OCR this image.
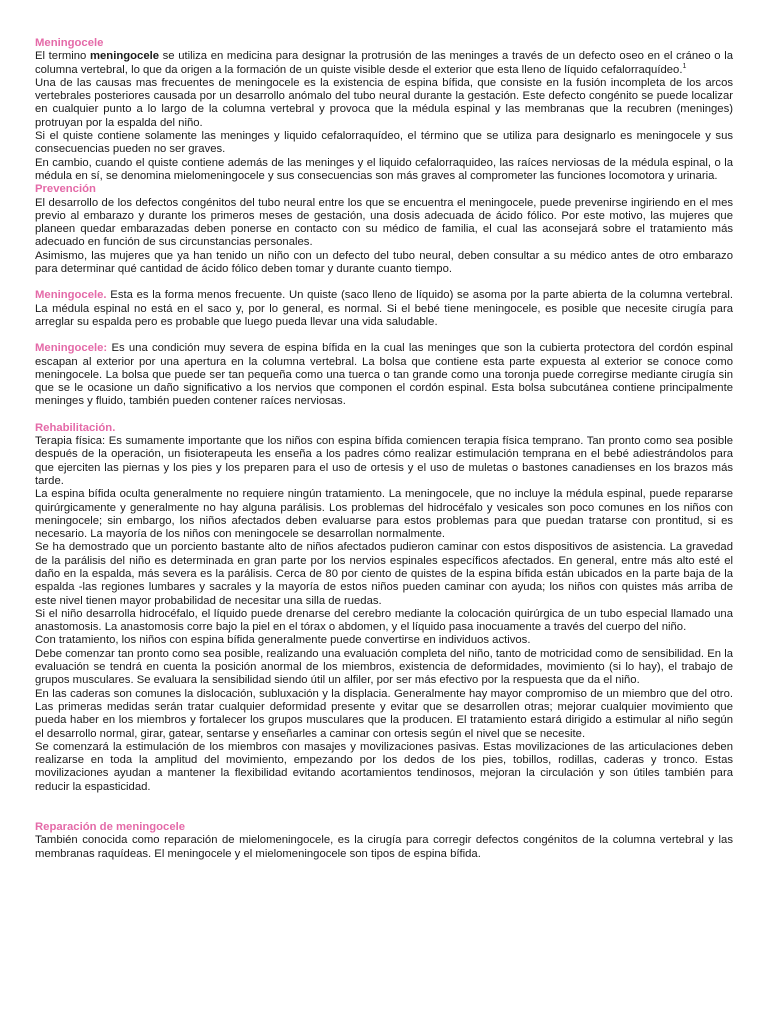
Meningocele

El termino meningocele se utiliza en medicina para designar la protrusión de las meninges a través de un defecto oseo en el cráneo o la columna vertebral, lo que da origen a la formación de un quiste visible desde el exterior que esta lleno de líquido cefalorraquídeo.$^1$

Una de las causas mas frecuentes de meningocele es la existencia de espina bífida, que consiste en la fusión incompleta de los arcos vertebrales posteriores causada por un desarrollo anómalo del tubo neural durante la gestación. Este defecto congénito se puede localizar en cualquier punto a lo largo de la columna vertebral y provoca que la médula espinal y las membranas que la recubren (meninges) protruyan por la espalda del niño.

Si el quiste contiene solamente las meninges y liquido cefalorraquídeo, el término que se utiliza para designarlo es meningocele y sus consecuencias pueden no ser graves.

En cambio, cuando el quiste contiene además de las meninges y el liquido cefalorraquideo, las raíces nerviosas de la médula espinal, o la médula en sí, se denomina mielomeningocele y sus consecuencias son más graves al comprometer las funciones locomotora y urinaria.

Prevención

El desarrollo de los defectos congénitos del tubo neural entre los que se encuentra el meningocele, puede prevenirse ingiriendo en el mes previo al embarazo y durante los primeros meses de gestación, una dosis adecuada de ácido fólico. Por este motivo, las mujeres que planeen quedar embarazadas deben ponerse en contacto con su médico de familia, el cual las aconsejará sobre el tratamiento más adecuado en función de sus circunstancias personales.

Asimismo, las mujeres que ya han tenido un niño con un defecto del tubo neural, deben consultar a su médico antes de otro embarazo para determinar qué cantidad de ácido fólico deben tomar y durante cuanto tiempo.

Meningocele. Esta es la forma menos frecuente. Un quiste (saco lleno de líquido) se asoma por la parte abierta de la columna vertebral. La médula espinal no está en el saco y, por lo general, es normal. Si el bebé tiene meningocele, es posible que necesite cirugía para arreglar su espalda pero es probable que luego pueda llevar una vida saludable.

Meningocele: Es una condición muy severa de espina bífida en la cual las meninges que son la cubierta protectora del cordón espinal escapan al exterior por una apertura en la columna vertebral. La bolsa que contiene esta parte expuesta al exterior se conoce como meningocele. La bolsa que puede ser tan pequeña como una tuerca o tan grande como una toronja puede corregirse mediante cirugía sin que se le ocasione un daño significativo a los nervios que componen el cordón espinal. Esta bolsa subcutánea contiene principalmente meninges y fluido, también pueden contener raíces nerviosas.

Rehabilitación.

Terapia física: Es sumamente importante que los niños con espina bífida comiencen terapia física temprano. Tan pronto como sea posible después de la operación, un fisioterapeuta les enseña a los padres cómo realizar estimulación temprana en el bebé adiestrándolos para que ejerciten las piernas y los pies y los preparen para el uso de ortesis y el uso de muletas o bastones canadienses en los brazos más tarde.

La espina bífida oculta generalmente no requiere ningún tratamiento. La meningocele, que no incluye la médula espinal, puede repararse quirúrgicamente y generalmente no hay alguna parálisis. Los problemas del hidrocéfalo y vesicales son poco comunes en los niños con meningocele; sin embargo, los niños afectados deben evaluarse para estos problemas para que puedan tratarse con prontitud, si es necesario. La mayoría de los niños con meningocele se desarrollan normalmente.

Se ha demostrado que un porciento bastante alto de niños afectados pudieron caminar con estos dispositivos de asistencia. La gravedad de la parálisis del niño es determinada en gran parte por los nervios espinales específicos afectados. En general, entre más alto esté el daño en la espalda, más severa es la parálisis. Cerca de 80 por ciento de quistes de la espina bífida están ubicados en la parte baja de la espalda -las regiones lumbares y sacrales y la mayoría de estos niños pueden caminar con ayuda; los niños con quistes más arriba de este nivel tienen mayor probabilidad de necesitar una silla de ruedas.

Si el niño desarrolla hidrocéfalo, el líquido puede drenarse del cerebro mediante la colocación quirúrgica de un tubo especial llamado una anastomosis. La anastomosis corre bajo la piel en el tórax o abdomen, y el líquido pasa inocuamente a través del cuerpo del niño.

Con tratamiento, los niños con espina bífida generalmente puede convertirse en individuos activos.

Debe comenzar tan pronto como sea posible, realizando una evaluación completa del niño, tanto de motricidad como de sensibilidad. En la evaluación se tendrá en cuenta la posición anormal de los miembros, existencia de deformidades, movimiento (si lo hay), el trabajo de grupos musculares. Se evaluara la sensibilidad siendo útil un alfiler, por ser más efectivo por la respuesta que da el niño.

En las caderas son comunes la dislocación, subluxación y la displacia. Generalmente hay mayor compromiso de un miembro que del otro. Las primeras medidas serán tratar cualquier deformidad presente y evitar que se desarrollen otras; mejorar cualquier movimiento que pueda haber en los miembros y fortalecer los grupos musculares que la producen. El tratamiento estará dirigido a estimular al niño según el desarrollo normal, girar, gatear, sentarse y enseñarles a caminar con ortesis según el nivel que se necesite.

Se comenzará la estimulación de los miembros con masajes y movilizaciones pasivas. Estas movilizaciones de las articulaciones deben realizarse en toda la amplitud del movimiento, empezando por los dedos de los pies, tobillos, rodillas, caderas y tronco. Estas movilizaciones ayudan a mantener la flexibilidad evitando acortamientos tendinosos, mejoran la circulación y son útiles también para reducir la espasticidad.

Reparación de meningocele

También conocida como reparación de mielomeningocele, es la cirugía para corregir defectos congénitos de la columna vertebral y las membranas raquídeas. El meningocele y el mielomeningocele son tipos de espina bífida.
